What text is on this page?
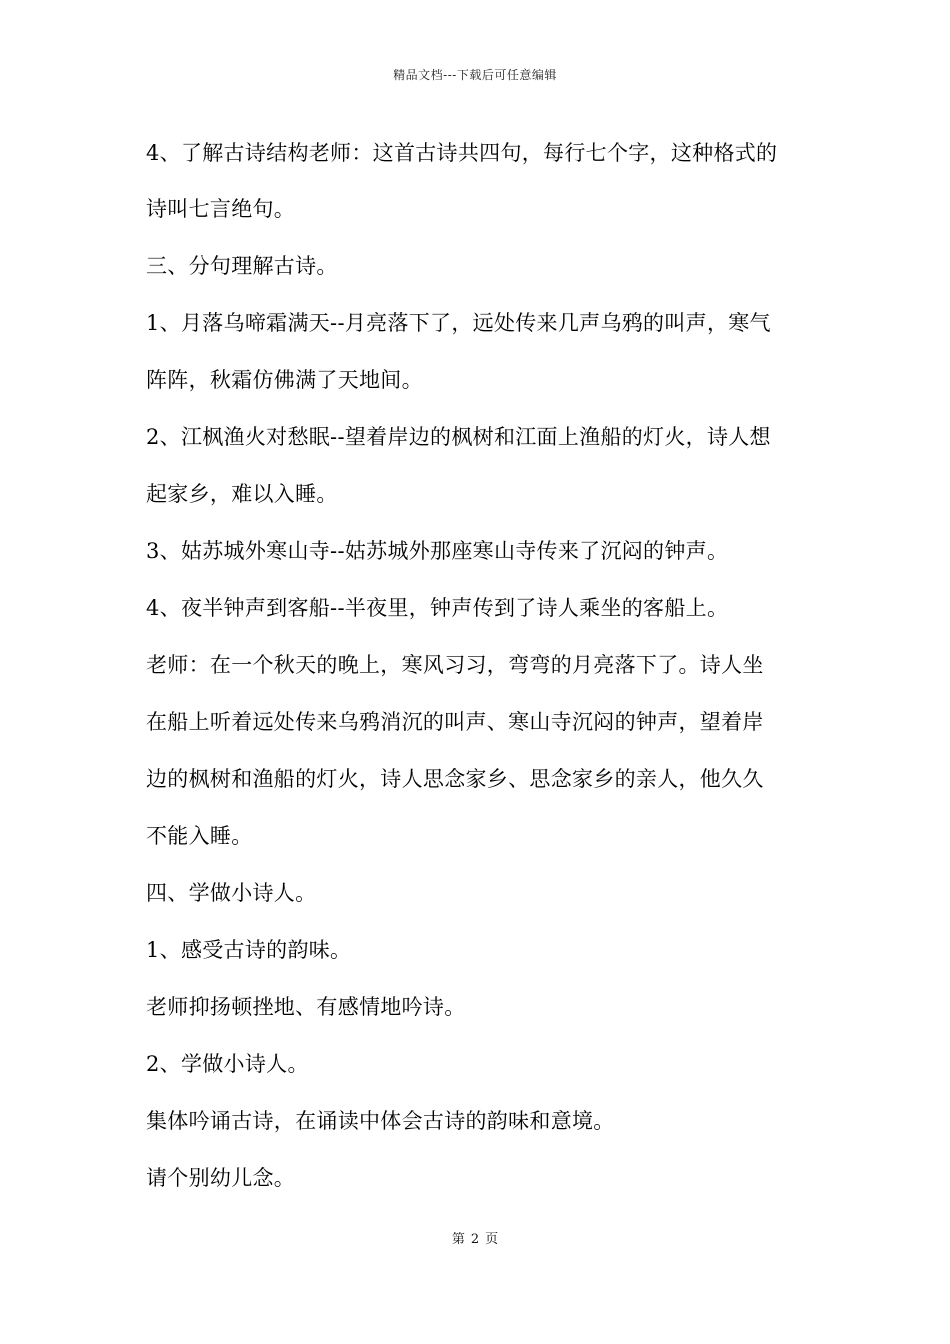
精品文档---下载后可任意编辑
4、了解古诗结构老师：这首古诗共四句，每行七个字，这种格式的
诗叫七言绝句。
三、分句理解古诗。
1、月落乌啼霜满天--月亮落下了，远处传来几声乌鸦的叫声，寒气
阵阵，秋霜仿佛满了天地间。
2、江枫渔火对愁眠--望着岸边的枫树和江面上渔船的灯火，诗人想
起家乡，难以入睡。
3、姑苏城外寒山寺--姑苏城外那座寒山寺传来了沉闷的钟声。
4、夜半钟声到客船--半夜里，钟声传到了诗人乘坐的客船上。
老师：在一个秋天的晚上，寒风习习，弯弯的月亮落下了。诗人坐
在船上听着远处传来乌鸦消沉的叫声、寒山寺沉闷的钟声，望着岸
边的枫树和渔船的灯火，诗人思念家乡、思念家乡的亲人，他久久
不能入睡。
四、学做小诗人。
1、感受古诗的韵味。
老师抑扬顿挫地、有感情地吟诗。
2、学做小诗人。
集体吟诵古诗，在诵读中体会古诗的韵味和意境。
请个别幼儿念。
第 2 页
